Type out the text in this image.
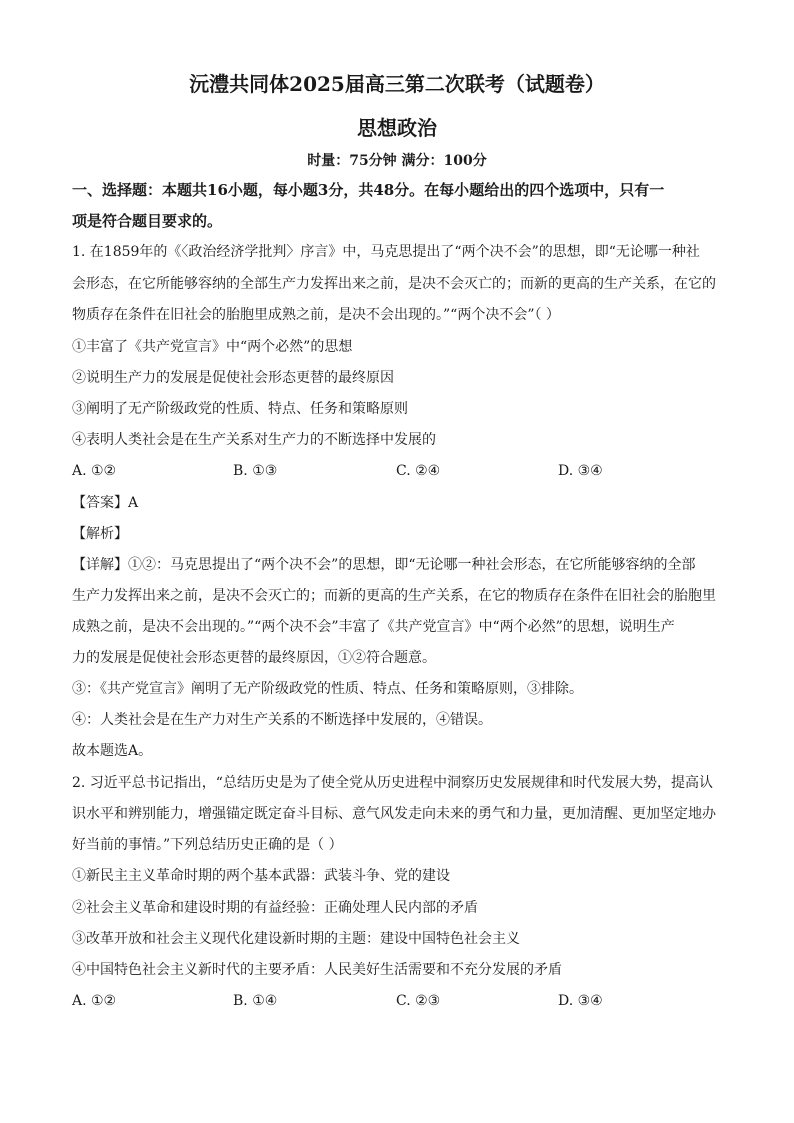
沅澧共同体2025届高三第二次联考（试题卷）
思想政治
时量：75分钟 满分：100分
一、选择题：本题共16小题，每小题3分，共48分。在每小题给出的四个选项中，只有一
项是符合题目要求的。
1. 在1859年的《〈政治经济学批判〉序言》中，马克思提出了“两个决不会”的思想，即“无论哪一种社
会形态，在它所能够容纳的全部生产力发挥出来之前，是决不会灭亡的；而新的更高的生产关系，在它的
物质存在条件在旧社会的胎胞里成熟之前，是决不会出现的。”“两个决不会”（ ）
①丰富了《共产党宣言》中“两个必然”的思想
②说明生产力的发展是促使社会形态更替的最终原因
③阐明了无产阶级政党的性质、特点、任务和策略原则
④表明人类社会是在生产关系对生产力的不断选择中发展的
A. ①②	B. ①③	C. ②④	D. ③④
【答案】A
【解析】
【详解】①②：马克思提出了“两个决不会”的思想，即“无论哪一种社会形态，在它所能够容纳的全部
生产力发挥出来之前，是决不会灭亡的；而新的更高的生产关系，在它的物质存在条件在旧社会的胎胞里
成熟之前，是决不会出现的。”“两个决不会”丰富了《共产党宣言》中“两个必然”的思想，说明生产
力的发展是促使社会形态更替的最终原因，①②符合题意。
③：《共产党宣言》阐明了无产阶级政党的性质、特点、任务和策略原则，③排除。
④：人类社会是在生产力对生产关系的不断选择中发展的，④错误。
故本题选A。
2. 习近平总书记指出，“总结历史是为了使全党从历史进程中洞察历史发展规律和时代发展大势，提高认
识水平和辨别能力，增强锚定既定奋斗目标、意气风发走向未来的勇气和力量，更加清醒、更加坚定地办
好当前的事情。”下列总结历史正确的是（ ）
①新民主主义革命时期的两个基本武器：武装斗争、党的建设
②社会主义革命和建设时期的有益经验：正确处理人民内部的矛盾
③改革开放和社会主义现代化建设新时期的主题：建设中国特色社会主义
④中国特色社会主义新时代的主要矛盾：人民美好生活需要和不充分发展的矛盾
A. ①②	B. ①④	C. ②③	D. ③④
